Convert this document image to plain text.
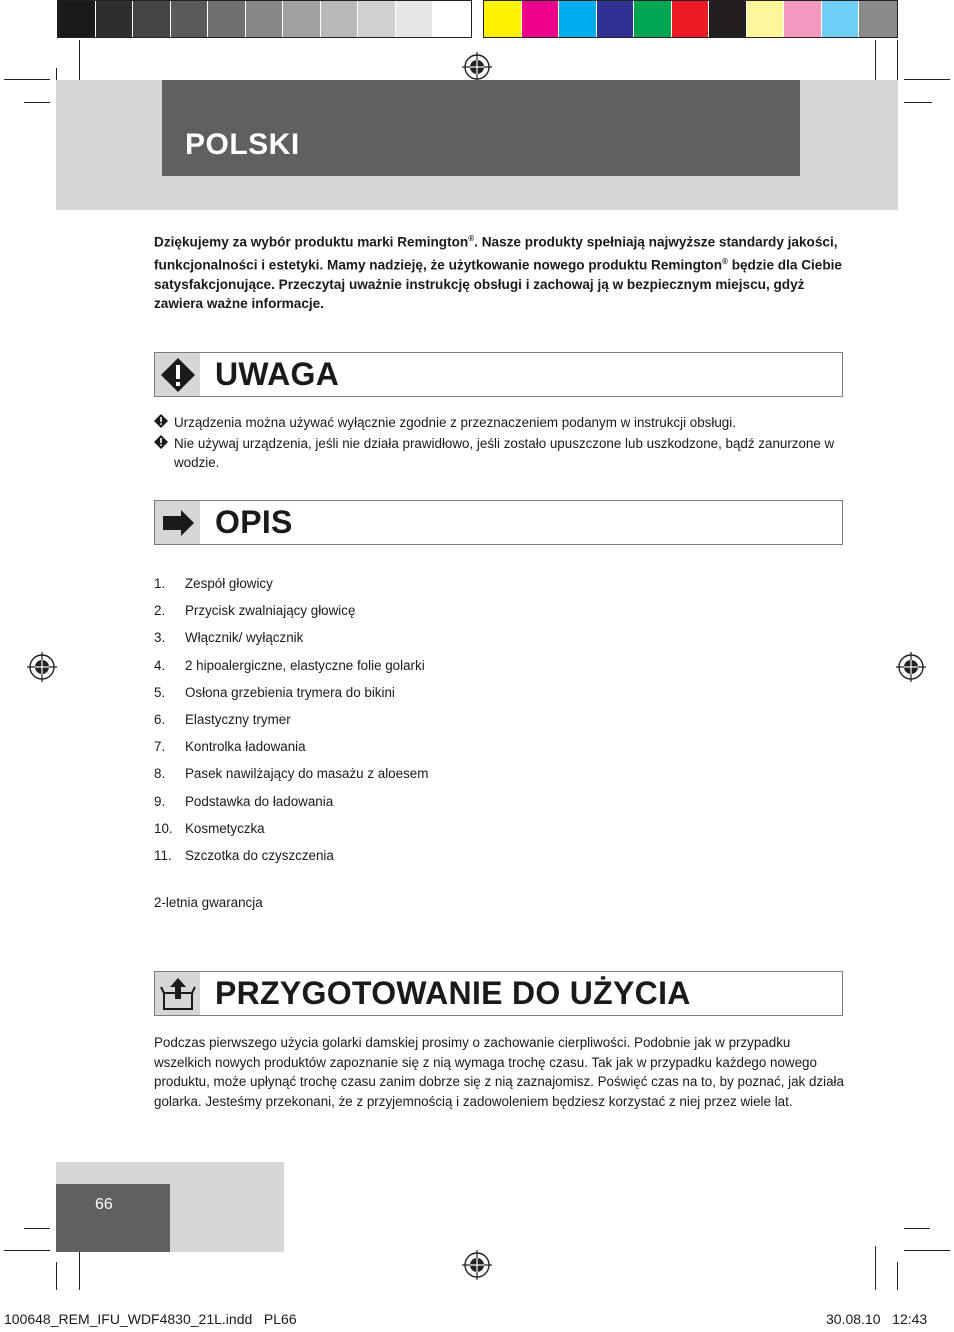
POLSKI
Dziękujemy za wybór produktu marki Remington®. Nasze produkty spełniają najwyższe standardy jakości, funkcjonalności i estetyki. Mamy nadzieję, że użytkowanie nowego produktu Remington® będzie dla Ciebie satysfakcjonujące. Przeczytaj uważnie instrukcję obsługi i zachowaj ją w bezpiecznym miejscu, gdyż zawiera ważne informacje.
UWAGA
Urządzenia można używać wyłącznie zgodnie z przeznaczeniem podanym w instrukcji obsługi.
Nie używaj urządzenia, jeśli nie działa prawidłowo, jeśli zostało upuszczone lub uszkodzone, bądź zanurzone w wodzie.
OPIS
1.	Zespół głowicy
2.	Przycisk zwalniający głowicę
3.	Włącznik/ wyłącznik
4.	2 hipoalergiczne, elastyczne folie golarki
5.	Osłona grzebienia trymera do bikini
6.	Elastyczny trymer
7.	Kontrolka ładowania
8.	Pasek nawilżający do masażu z aloesem
9.	Podstawka do ładowania
10. Kosmetyczka
11. Szczotka do czyszczenia
2-letnia gwarancja
PRZYGOTOWANIE DO UŻYCIA
Podczas pierwszego użycia golarki damskiej prosimy o zachowanie cierpliwości. Podobnie jak w przypadku wszelkich nowych produktów zapoznanie się z nią wymaga trochę czasu. Tak jak w przypadku każdego nowego produktu, może upłynąć trochę czasu zanim dobrze się z nią zaznajomisz. Poświęć czas na to, by poznać, jak działa golarka. Jesteśmy przekonani, że z przyjemnością i zadowoleniem będziesz korzystać z niej przez wiele lat.
66
100648_REM_IFU_WDF4830_21L.indd   PL66	30.08.10   12:43
